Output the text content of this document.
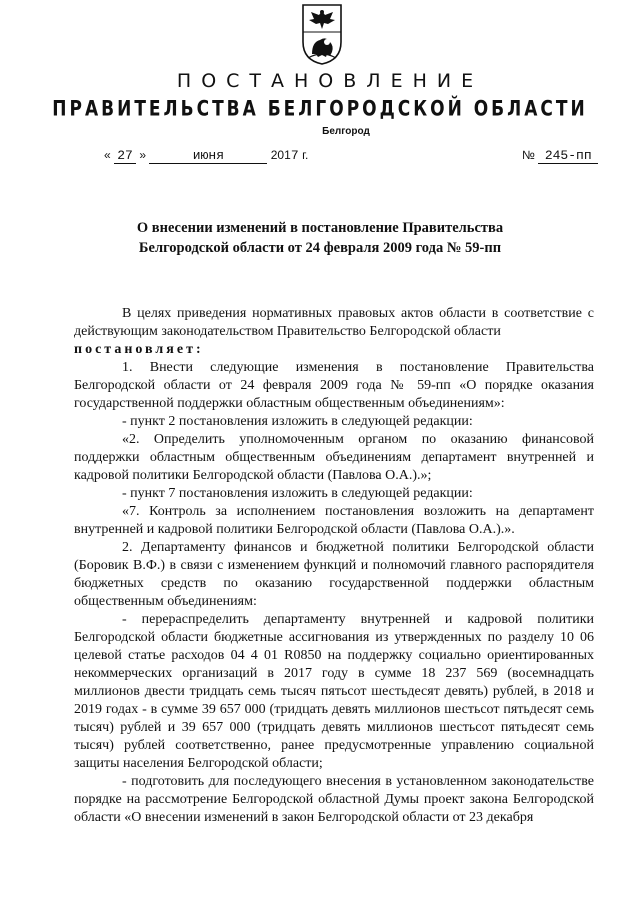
ПОСТАНОВЛЕНИЕ
ПРАВИТЕЛЬСТВА БЕЛГОРОДСКОЙ ОБЛАСТИ
Белгород
« 27 »	июня	2017 г.	№ 245-пп
О внесении изменений в постановление Правительства
Белгородской области от 24 февраля 2009 года № 59-пп

В целях приведения нормативных правовых актов области в соответствие с действующим законодательством Правительство Белгородской области

постановляет:

1. Внести следующие изменения в постановление Правительства Белгородской области от 24 февраля 2009 года № 59-пп «О порядке оказания государственной поддержки областным общественным объединениям»:

- пункт 2 постановления изложить в следующей редакции:

«2. Определить уполномоченным органом по оказанию финансовой поддержки областным общественным объединениям департамент внутренней и кадровой политики Белгородской области (Павлова О.А.).»;

- пункт 7 постановления изложить в следующей редакции:

«7. Контроль за исполнением постановления возложить на департамент внутренней и кадровой политики Белгородской области (Павлова О.А.).».

2. Департаменту финансов и бюджетной политики Белгородской области (Боровик В.Ф.) в связи с изменением функций и полномочий главного распорядителя бюджетных средств по оказанию государственной поддержки областным общественным объединениям:

- перераспределить департаменту внутренней и кадровой политики Белгородской области бюджетные ассигнования из утвержденных по разделу 10 06 целевой статье расходов 04 4 01 R0850 на поддержку социально ориентированных некоммерческих организаций в 2017 году в сумме 18 237 569 (восемнадцать миллионов двести тридцать семь тысяч пятьсот шестьдесят девять) рублей, в 2018 и 2019 годах - в сумме 39 657 000 (тридцать девять миллионов шестьсот пятьдесят семь тысяч) рублей и 39 657 000 (тридцать девять миллионов шестьсот пятьдесят семь тысяч) рублей соответственно, ранее предусмотренные управлению социальной защиты населения Белгородской области;

- подготовить для последующего внесения в установленном законодательстве порядке на рассмотрение Белгородской областной Думы проект закона Белгородской области «О внесении изменений в закон Белгородской области от 23 декабря
